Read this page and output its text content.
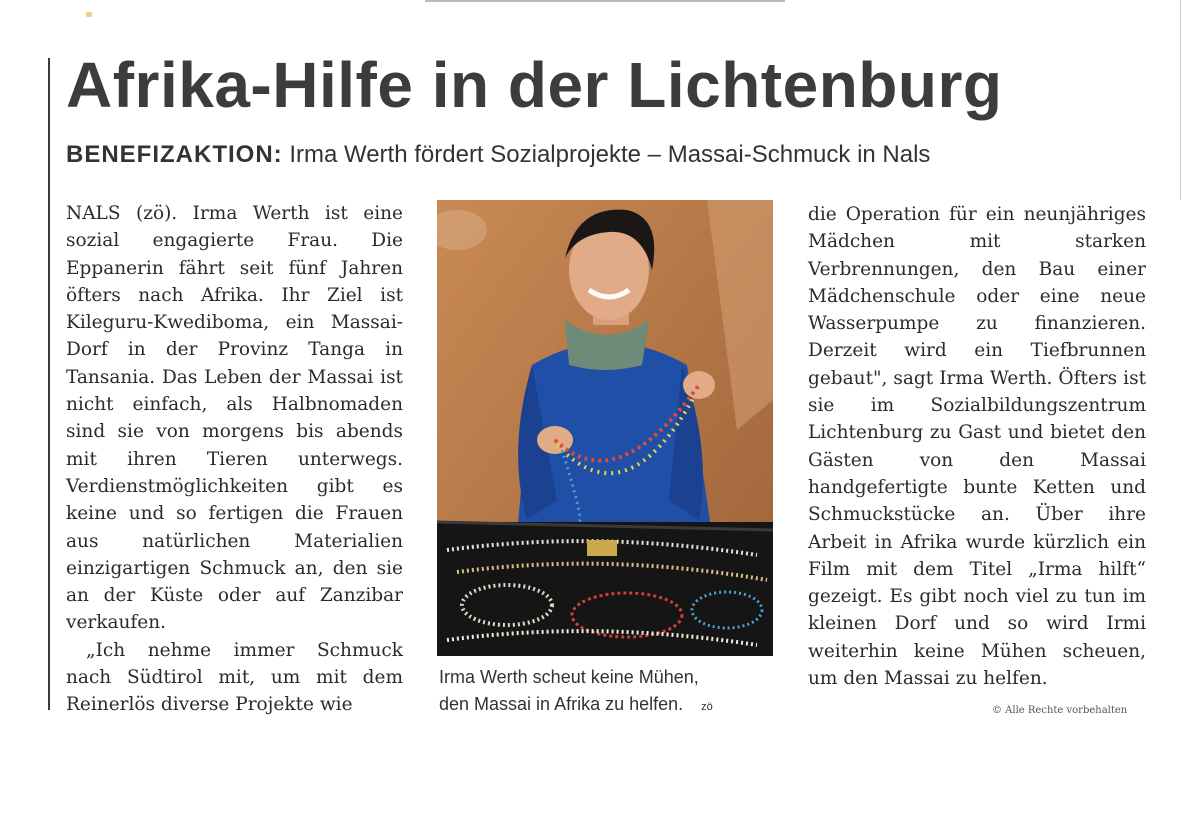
Afrika-Hilfe in der Lichtenburg
BENEFIZAKTION: Irma Werth fördert Sozialprojekte – Massai-Schmuck in Nals

NALS (zö). Irma Werth ist eine sozial engagierte Frau. Die Eppanerin fährt seit fünf Jahren öfters nach Afrika. Ihr Ziel ist Kileguru-Kwediboma, ein Massai-Dorf in der Provinz Tanga in Tansania. Das Leben der Massai ist nicht einfach, als Halbnomaden sind sie von morgens bis abends mit ihren Tieren unterwegs. Verdienstmöglichkeiten gibt es keine und so fertigen die Frauen aus natürlichen Materialien einzigartigen Schmuck an, den sie an der Küste oder auf Zanzibar verkaufen.

„Ich nehme immer Schmuck nach Südtirol mit, um mit dem Reinerlös diverse Projekte wie

Irma Werth scheut keine Mühen,
den Massai in Afrika zu helfen. zö

die Operation für ein neunjähriges Mädchen mit starken Verbrennungen, den Bau einer Mädchenschule oder eine neue Wasserpumpe zu finanzieren. Derzeit wird ein Tiefbrunnen gebaut", sagt Irma Werth. Öfters ist sie im Sozialbildungszentrum Lichtenburg zu Gast und bietet den Gästen von den Massai handgefertigte bunte Ketten und Schmuckstücke an. Über ihre Arbeit in Afrika wurde kürzlich ein Film mit dem Titel „Irma hilft“ gezeigt. Es gibt noch viel zu tun im kleinen Dorf und so wird Irmi weiterhin keine Mühen scheuen, um den Massai zu helfen.

© Alle Rechte vorbehalten
